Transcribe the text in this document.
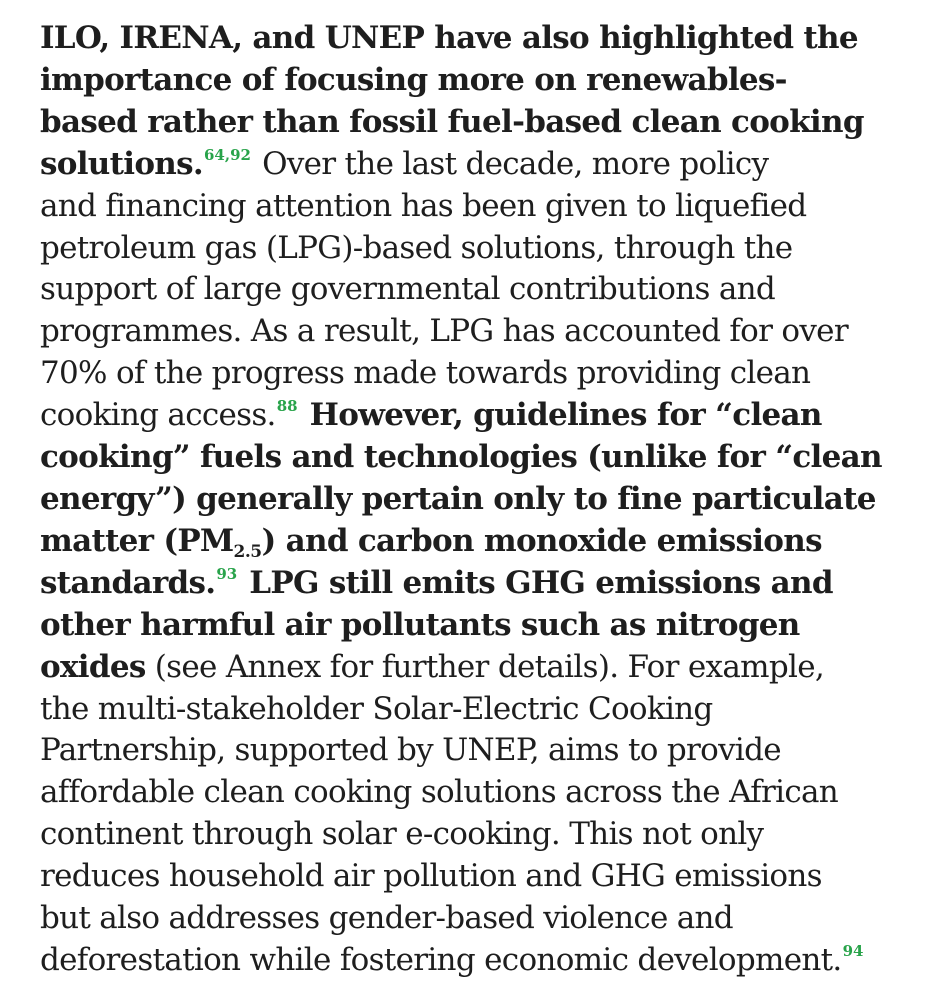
ILO, IRENA, and UNEP have also highlighted the
importance of focusing more on renewables-
based rather than fossil fuel-based clean cooking
solutions.$^{64,92}$ Over the last decade, more policy
and financing attention has been given to liquefied
petroleum gas (LPG)-based solutions, through the
support of large governmental contributions and
programmes. As a result, LPG has accounted for over
70% of the progress made towards providing clean
cooking access.$^{88}$ However, guidelines for “clean
cooking” fuels and technologies (unlike for “clean
energy”) generally pertain only to fine particulate
matter $(PM_{2.5})$ and carbon monoxide emissions
standards.$^{93}$ LPG still emits GHG emissions and
other harmful air pollutants such as nitrogen
oxides (see Annex for further details). For example,
the multi-stakeholder Solar-Electric Cooking
Partnership, supported by UNEP, aims to provide
affordable clean cooking solutions across the African
continent through solar e-cooking. This not only
reduces household air pollution and GHG emissions
but also addresses gender-based violence and
deforestation while fostering economic development.$^{94}$
